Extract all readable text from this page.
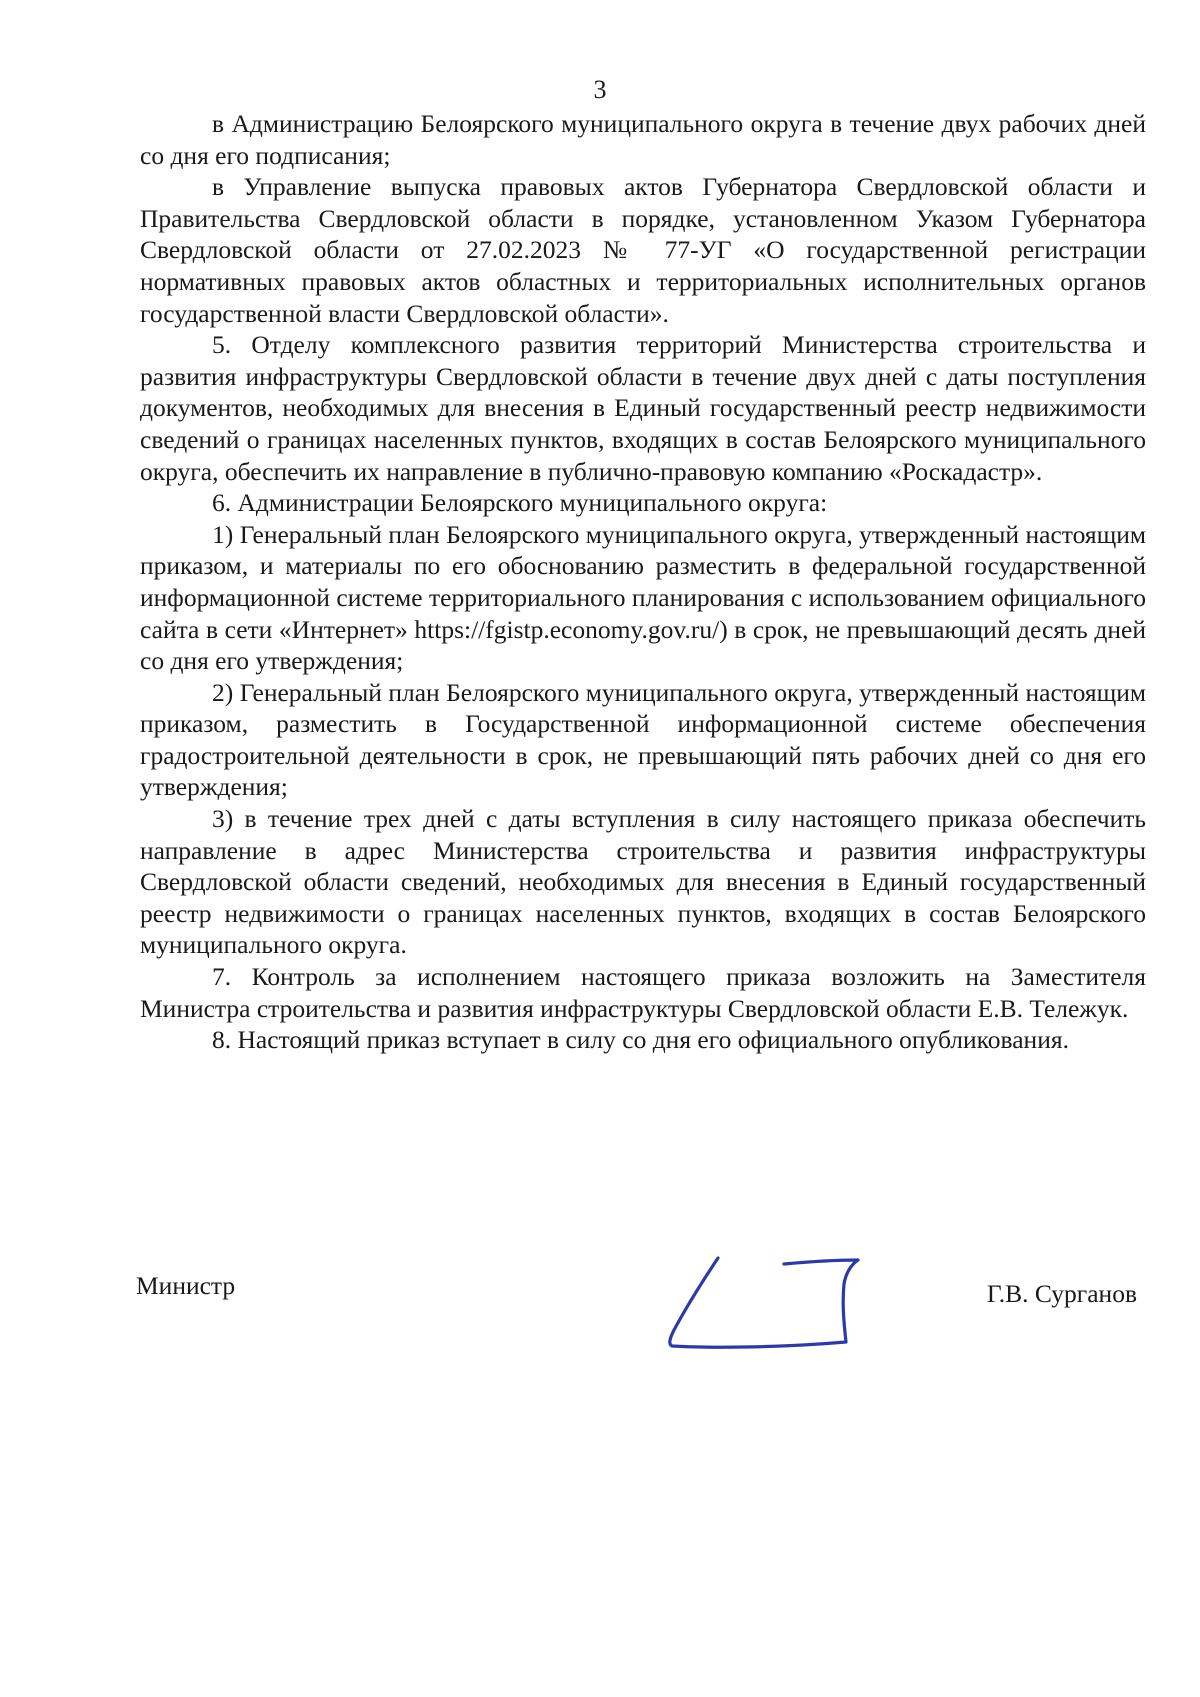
3

в Администрацию Белоярского муниципального округа в течение двух рабочих дней со дня его подписания;

в Управление выпуска правовых актов Губернатора Свердловской области и Правительства Свердловской области в порядке, установленном Указом Губернатора Свердловской области от 27.02.2023 № 77-УГ «О государственной регистрации нормативных правовых актов областных и территориальных исполнительных органов государственной власти Свердловской области».

5. Отделу комплексного развития территорий Министерства строительства и развития инфраструктуры Свердловской области в течение двух дней с даты поступления документов, необходимых для внесения в Единый государственный реестр недвижимости сведений о границах населенных пунктов, входящих в состав Белоярского муниципального округа, обеспечить их направление в публично-правовую компанию «Роскадастр».

6. Администрации Белоярского муниципального округа:

1) Генеральный план Белоярского муниципального округа, утвержденный настоящим приказом, и материалы по его обоснованию разместить в федеральной государственной информационной системе территориального планирования с использованием официального сайта в сети «Интернет» https://fgistp.economy.gov.ru/) в срок, не превышающий десять дней со дня его утверждения;

2) Генеральный план Белоярского муниципального округа, утвержденный настоящим приказом, разместить в Государственной информационной системе обеспечения градостроительной деятельности в срок, не превышающий пять рабочих дней со дня его утверждения;

3) в течение трех дней с даты вступления в силу настоящего приказа обеспечить направление в адрес Министерства строительства и развития инфраструктуры Свердловской области сведений, необходимых для внесения в Единый государственный реестр недвижимости о границах населенных пунктов, входящих в состав Белоярского муниципального округа.

7. Контроль за исполнением настоящего приказа возложить на Заместителя Министра строительства и развития инфраструктуры Свердловской области Е.В. Тележук.

8. Настоящий приказ вступает в силу со дня его официального опубликования.

Министр	Г.В. Сурганов
